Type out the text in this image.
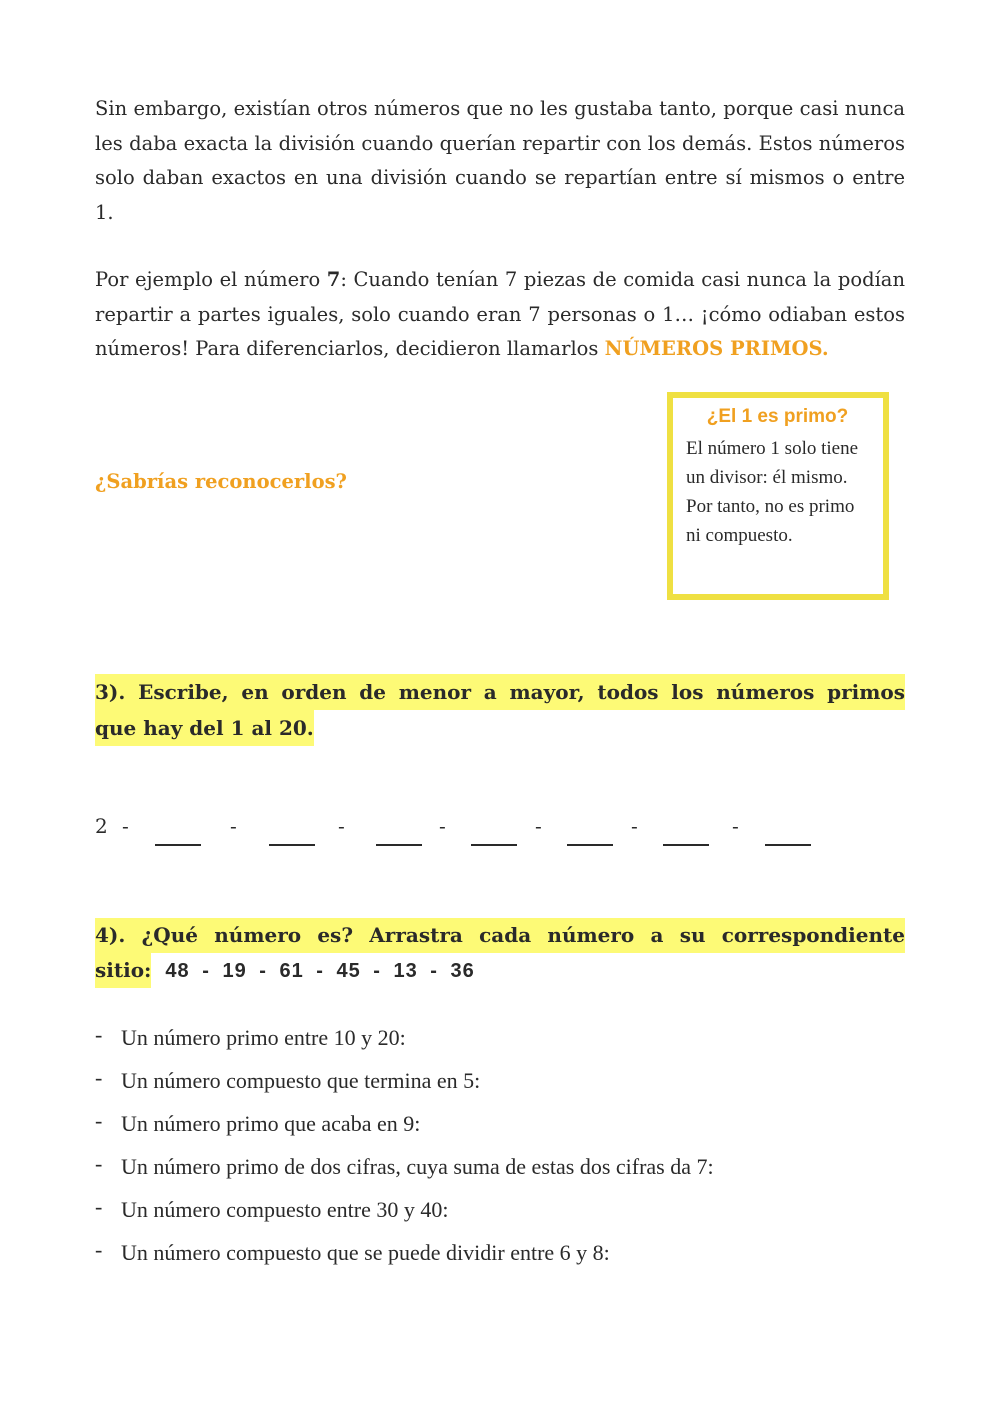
Sin embargo, existían otros números que no les gustaba tanto, porque casi nunca les daba exacta la división cuando querían repartir con los demás. Estos números solo daban exactos en una división cuando se repartían entre sí mismos o entre 1.

Por ejemplo el número 7: Cuando tenían 7 piezas de comida casi nunca la podían repartir a partes iguales, solo cuando eran 7 personas o 1… ¡cómo odiaban estos números! Para diferenciarlos, decidieron llamarlos NÚMEROS PRIMOS.

¿Sabrías reconocerlos?
¿El 1 es primo?
El número 1 solo tiene un divisor: él mismo. Por tanto, no es primo ni compuesto.
3). Escribe, en orden de menor a mayor, todos los números primos
que hay del 1 al 20.
2 -	-	-	-	-	-	-
4). ¿Qué número es? Arrastra cada número a su correspondiente
sitio: 48 - 19 - 61 - 45 - 13 - 36
- Un número primo entre 10 y 20:
- Un número compuesto que termina en 5:
- Un número primo que acaba en 9:
- Un número primo de dos cifras, cuya suma de estas dos cifras da 7:
- Un número compuesto entre 30 y 40:
- Un número compuesto que se puede dividir entre 6 y 8:
